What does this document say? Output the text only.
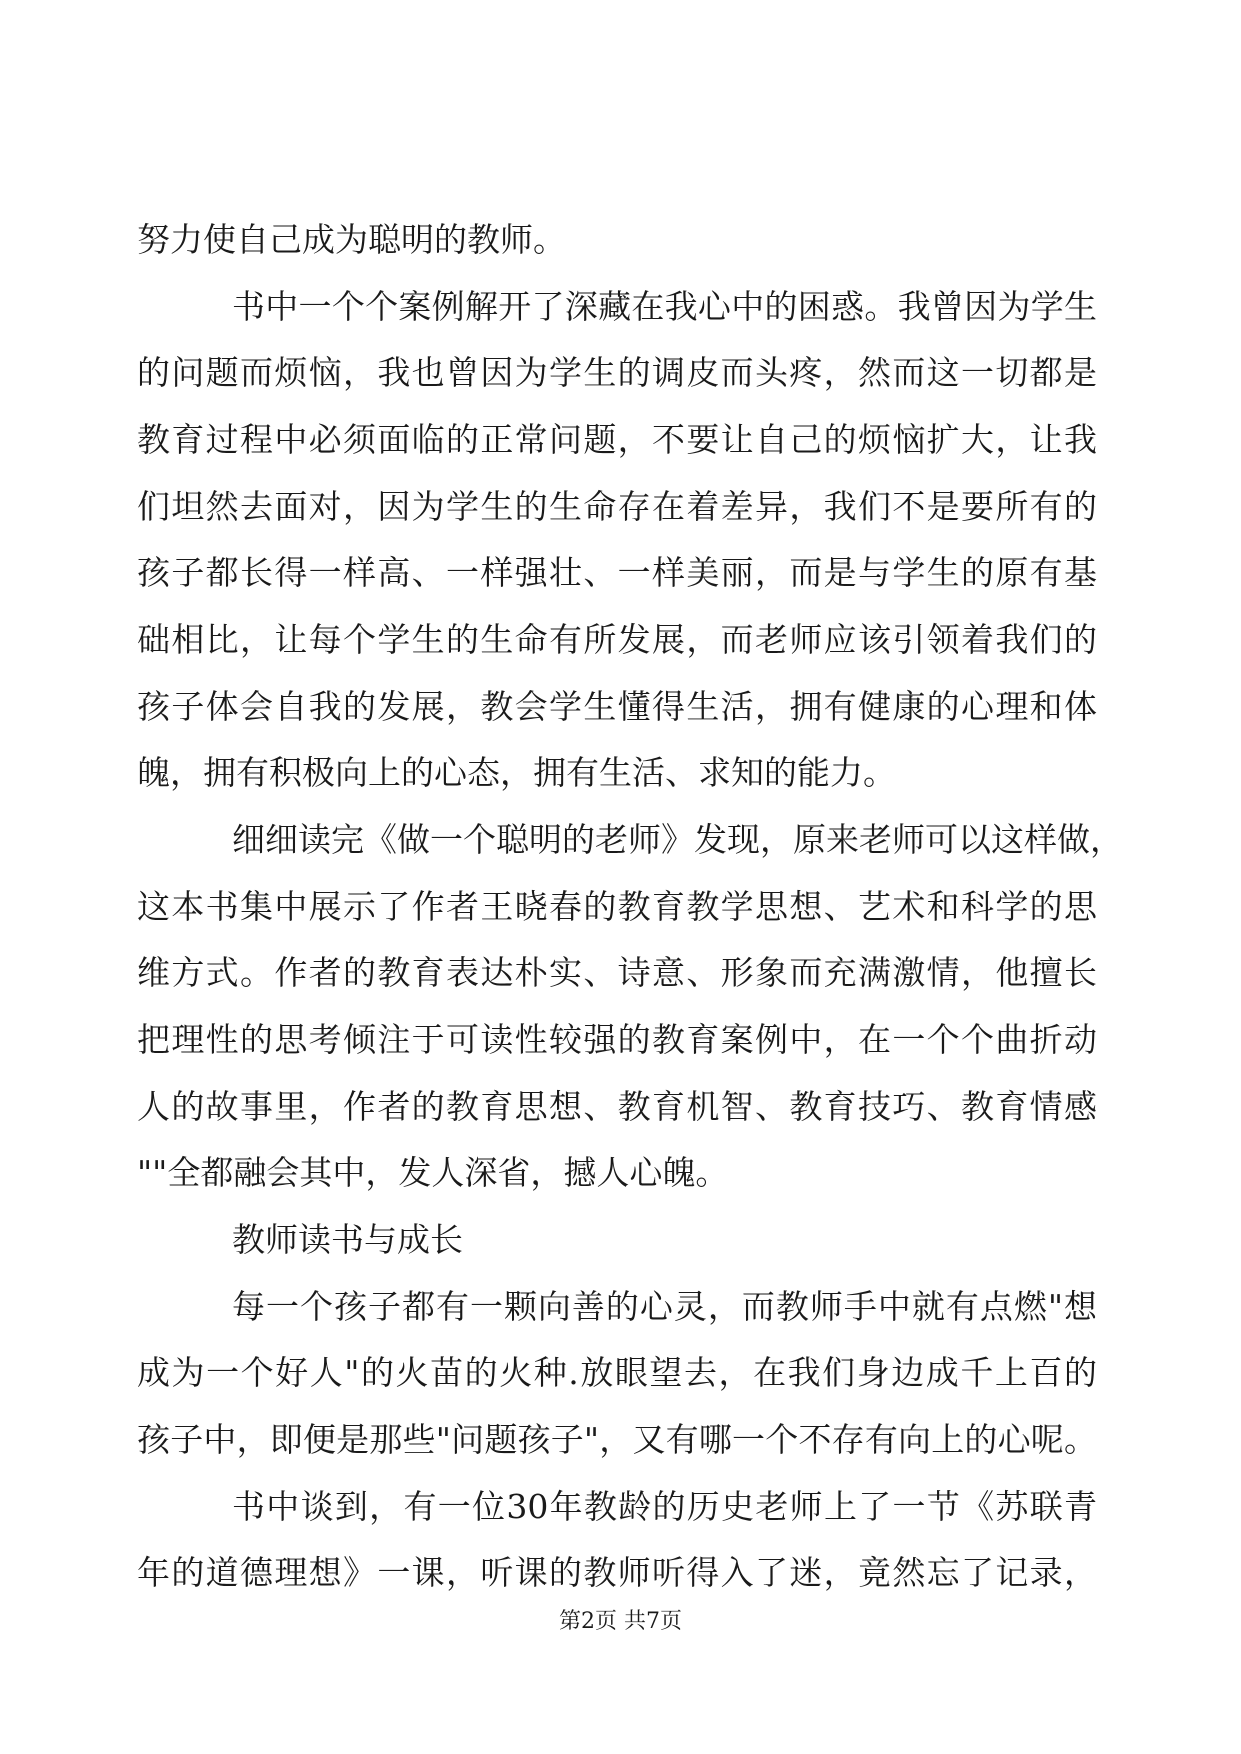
努力使自己成为聪明的教师。
书中一个个案例解开了深藏在我心中的困惑。我曾因为学生
的问题而烦恼，我也曾因为学生的调皮而头疼，然而这一切都是
教育过程中必须面临的正常问题，不要让自己的烦恼扩大，让我
们坦然去面对，因为学生的生命存在着差异，我们不是要所有的
孩子都长得一样高、一样强壮、一样美丽，而是与学生的原有基
础相比，让每个学生的生命有所发展，而老师应该引领着我们的
孩子体会自我的发展，教会学生懂得生活，拥有健康的心理和体
魄，拥有积极向上的心态，拥有生活、求知的能力。
细细读完《做一个聪明的老师》发现，原来老师可以这样做，
这本书集中展示了作者王晓春的教育教学思想、艺术和科学的思
维方式。作者的教育表达朴实、诗意、形象而充满激情，他擅长
把理性的思考倾注于可读性较强的教育案例中，在一个个曲折动
人的故事里，作者的教育思想、教育机智、教育技巧、教育情感
""全都融会其中，发人深省，撼人心魄。
教师读书与成长
每一个孩子都有一颗向善的心灵，而教师手中就有点燃"想
成为一个好人"的火苗的火种.放眼望去，在我们身边成千上百的
孩子中，即便是那些"问题孩子"，又有哪一个不存有向上的心呢。
书中谈到，有一位30年教龄的历史老师上了一节《苏联青
年的道德理想》一课，听课的教师听得入了迷，竟然忘了记录，
第2页 共7页
